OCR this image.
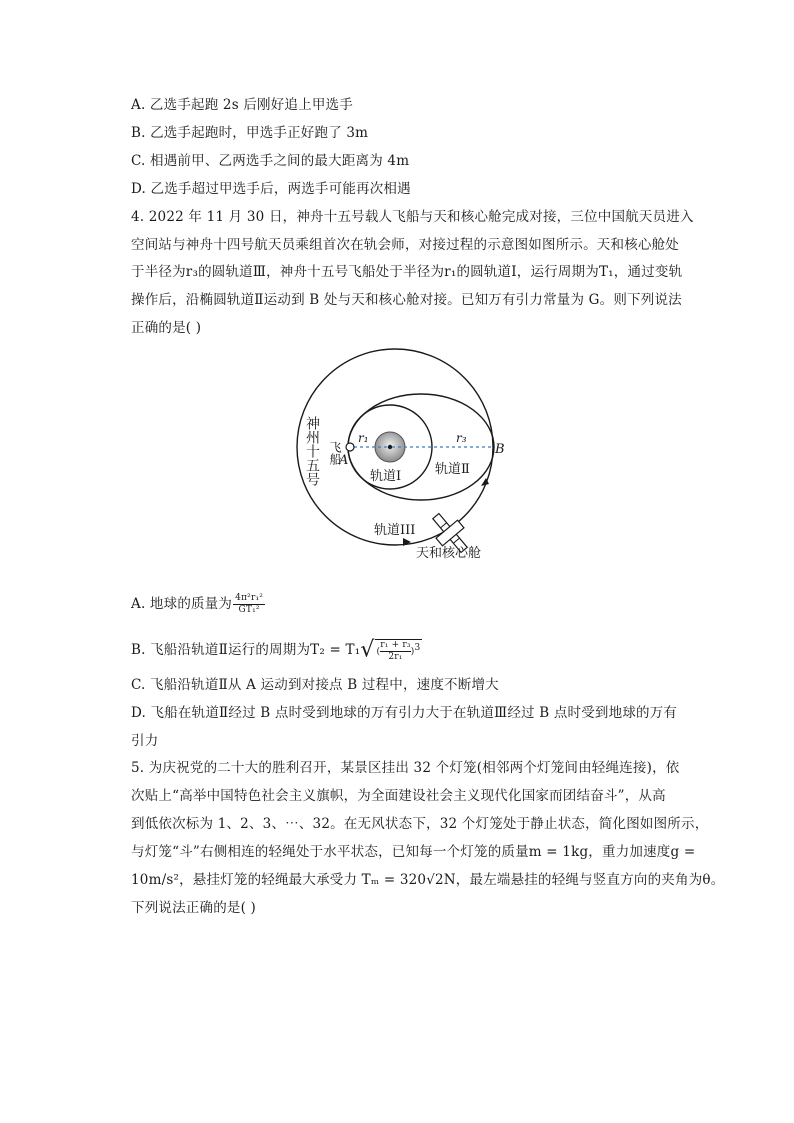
A. 乙选手起跑 2s 后刚好追上甲选手
B. 乙选手起跑时，甲选手正好跑了 3m
C. 相遇前甲、乙两选手之间的最大距离为 4m
D. 乙选手超过甲选手后，两选手可能再次相遇
4. 2022 年 11 月 30 日，神舟十五号载人飞船与天和核心舱完成对接，三位中国航天员进入
空间站与神舟十四号航天员乘组首次在轨会师，对接过程的示意图如图所示。天和核心舱处
于半径为r₃的圆轨道Ⅲ，神舟十五号飞船处于半径为r₁的圆轨道Ⅰ，运行周期为T₁，通过变轨
操作后，沿椭圆轨道Ⅱ运动到 B 处与天和核心舱对接。已知万有引力常量为 G。则下列说法
正确的是( )
神州十五号 飞船
A
B
r₁	r₃
轨道Ⅰ	轨道Ⅱ
轨道III
天和核心舱
A. 地球的质量为 $\frac{\text{4π²r₁²}}{\text{GT₁²}}$
B. 飞船沿轨道Ⅱ运行的周期为T₂ = T₁√ ( $\frac{\text{r₁ + r₃}}{\text{2r₁}} )3$
C. 飞船沿轨道Ⅱ从 A 运动到对接点 B 过程中，速度不断增大
D. 飞船在轨道Ⅱ经过 B 点时受到地球的万有引力大于在轨道Ⅲ经过 B 点时受到地球的万有
引力
5. 为庆祝党的二十大的胜利召开，某景区挂出 32 个灯笼(相邻两个灯笼间由轻绳连接)，依
次贴上“高举中国特色社会主义旗帜，为全面建设社会主义现代化国家而团结奋斗”，从高
到低依次标为 1、2、3、⋯、32。在无风状态下，32 个灯笼处于静止状态，简化图如图所示，
与灯笼“斗”右侧相连的轻绳处于水平状态，已知每一个灯笼的质量m = 1kg，重力加速度g =
10m/s²，悬挂灯笼的轻绳最大承受力 Tₘ = 320√2N，最左端悬挂的轻绳与竖直方向的夹角为θ。
下列说法正确的是( )
